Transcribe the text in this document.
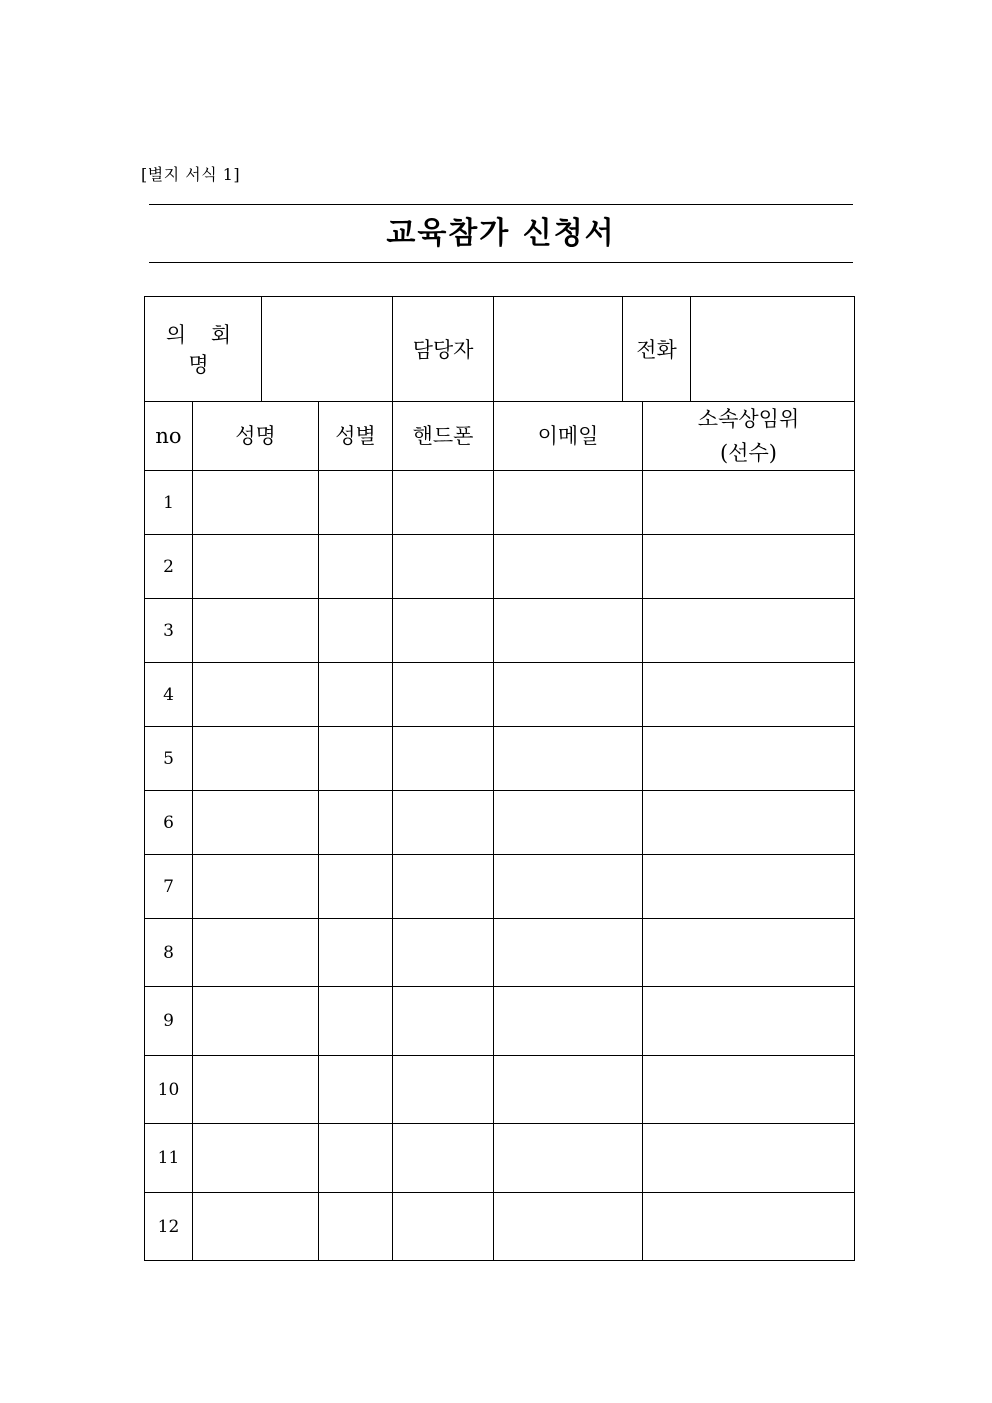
[별지 서식 1]
교육참가 신청서
의 회 명				담당자		전화		
no	성명		성별	핸드폰	이메일		소속상임위
(선수)	

1								
2								
3								
4								
5								
6								
7								
8								
9								
10								
11								
12								
